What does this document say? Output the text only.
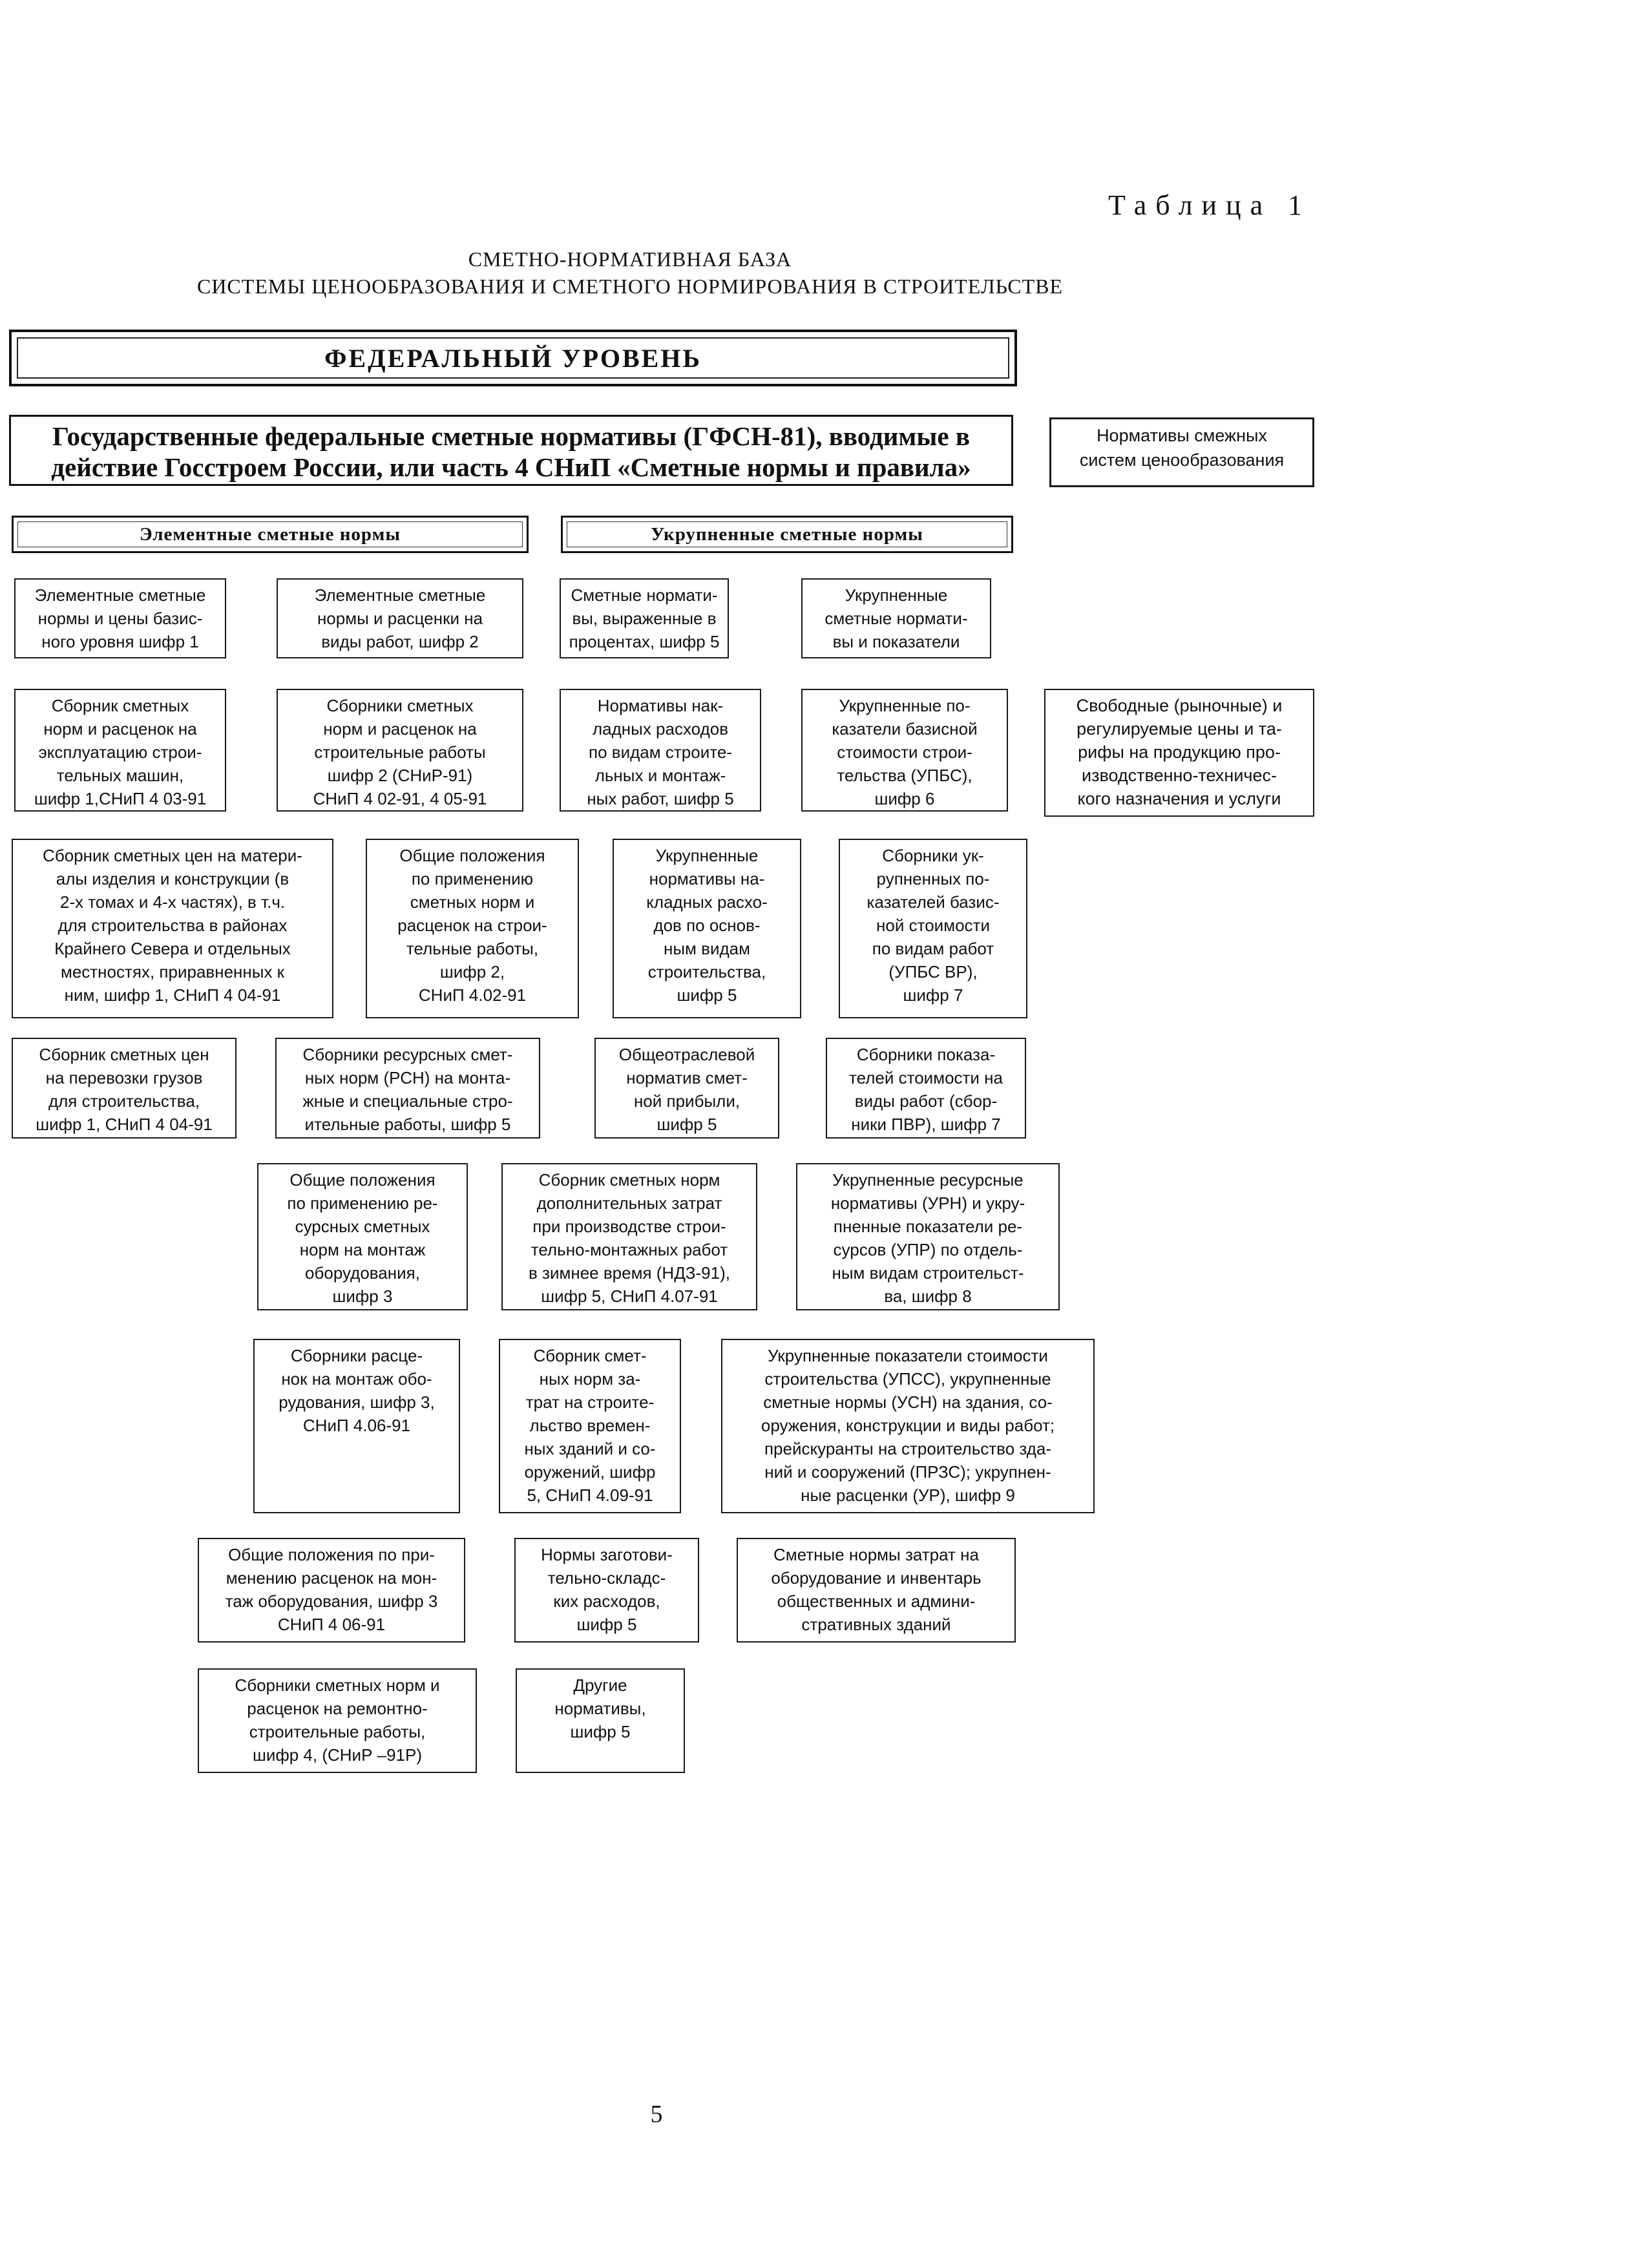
Таблица 1
СМЕТНО-НОРМАТИВНАЯ БАЗА
СИСТЕМЫ ЦЕНООБРАЗОВАНИЯ И СМЕТНОГО НОРМИРОВАНИЯ В СТРОИТЕЛЬСТВЕ
ФЕДЕРАЛЬНЫЙ УРОВЕНЬ
Государственные федеральные сметные нормативы (ГФСН-81), вводимые в действие Госстроем России, или часть 4 СНиП «Сметные нормы и правила»
Нормативы смежных
систем ценообразования
Элементные сметные нормы	Укрупненные сметные нормы
Элементные сметные
нормы и цены базис-
ного уровня шифр 1
Элементные сметные
нормы и расценки на
виды работ, шифр 2
Сметные нормати-
вы, выраженные в
процентах, шифр 5
Укрупненные
сметные нормати-
вы и показатели
Сборник сметных
норм и расценок на
эксплуатацию строи-
тельных машин,
шифр 1,СНиП 4 03-91
Сборники сметных
норм и расценок на
строительные работы
шифр 2 (СНиР-91)
СНиП 4 02-91, 4 05-91
Нормативы нак-
ладных расходов
по видам строите-
льных и монтаж-
ных работ, шифр 5
Укрупненные по-
казатели базисной
стоимости строи-
тельства (УПБС),
шифр 6
Свободные (рыночные) и
регулируемые цены и та-
рифы на продукцию про-
изводственно-техничес-
кого назначения и услуги
Сборник сметных цен на матери-
алы изделия и конструкции (в
2-х томах и 4-х частях), в т.ч.
для строительства в районах
Крайнего Севера и отдельных
местностях, приравненных к
ним, шифр 1, СНиП 4 04-91
Общие положения
по применению
сметных норм и
расценок на строи-
тельные работы,
шифр 2,
СНиП 4.02-91
Укрупненные
нормативы на-
кладных расхо-
дов по основ-
ным видам
строительства,
шифр 5
Сборники ук-
рупненных по-
казателей базис-
ной стоимости
по видам работ
(УПБС ВР),
шифр 7
Сборник сметных цен
на перевозки грузов
для строительства,
шифр 1, СНиП 4 04-91
Сборники ресурсных смет-
ных норм (РСН) на монта-
жные и специальные стро-
ительные работы, шифр 5
Общеотраслевой
норматив смет-
ной прибыли,
шифр 5
Сборники показа-
телей стоимости на
виды работ (сбор-
ники ПВР), шифр 7
Общие положения
по применению ре-
сурсных сметных
норм на монтаж
оборудования,
шифр 3
Сборник сметных норм
дополнительных затрат
при производстве строи-
тельно-монтажных работ
в зимнее время (НДЗ-91),
шифр 5, СНиП 4.07-91
Укрупненные ресурсные
нормативы (УРН) и укру-
пненные показатели ре-
сурсов (УПР) по отдель-
ным видам строительст-
ва, шифр 8
Сборники расце-
нок на монтаж обо-
рудования, шифр 3,
СНиП 4.06-91
Сборник смет-
ных норм за-
трат на строите-
льство времен-
ных зданий и со-
оружений, шифр
5, СНиП 4.09-91
Укрупненные показатели стоимости
строительства (УПСС), укрупненные
сметные нормы (УСН) на здания, со-
оружения, конструкции и виды работ;
прейскуранты на строительство зда-
ний и сооружений (ПРЗС); укрупнен-
ные расценки (УР), шифр 9
Общие положения по при-
менению расценок на мон-
таж оборудования, шифр 3
СНиП 4 06-91
Нормы заготови-
тельно-складс-
ких расходов,
шифр 5
Сметные нормы затрат на
оборудование и инвентарь
общественных и админи-
стративных зданий
Сборники сметных норм и
расценок на ремонтно-
строительные работы,
шифр 4, (СНиР –91Р)
Другие
нормативы,
шифр 5
5
